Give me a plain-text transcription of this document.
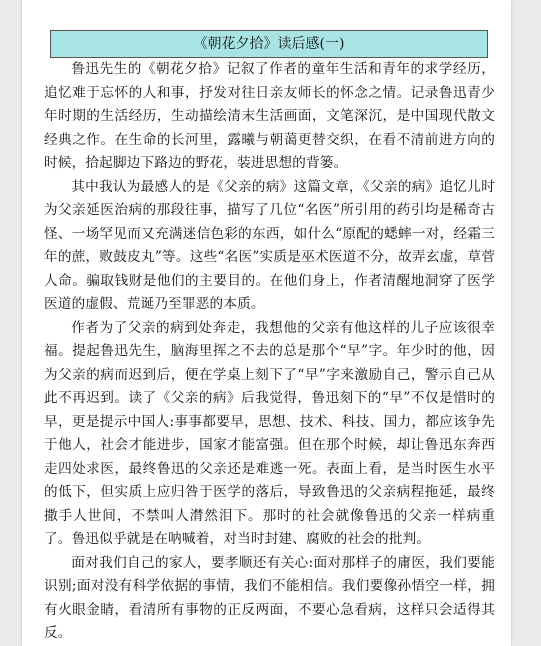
《朝花夕拾》读后感(一)

鲁迅先生的《朝花夕拾》记叙了作者的童年生活和青年的求学经历，追忆难于忘怀的人和事，抒发对往日亲友师长的怀念之情。记录鲁迅青少年时期的生活经历，生动描绘清末生活画面，文笔深沉，是中国现代散文经典之作。在生命的长河里，露曦与朝蔼更替交织，在看不清前进方向的时候，拾起脚边下路边的野花，装进思想的背篓。

其中我认为最感人的是《父亲的病》这篇文章，《父亲的病》追忆儿时为父亲延医治病的那段往事，描写了几位“名医”所引用的药引均是稀奇古怪、一场罕见而又充满迷信色彩的东西，如什么“原配的蟋蟀一对，经霜三年的蔗，败鼓皮丸”等。这些“名医”实质是巫术医道不分，故弄玄虚，草菅人命。骗取钱财是他们的主要目的。在他们身上，作者清醒地洞穿了医学医道的虚假、荒诞乃至罪恶的本质。

作者为了父亲的病到处奔走，我想他的父亲有他这样的儿子应该很幸福。提起鲁迅先生，脑海里挥之不去的总是那个“早”字。年少时的他，因为父亲的病而迟到后，便在学桌上刻下了“早”字来激励自己，警示自己从此不再迟到。读了《父亲的病》后我觉得，鲁迅刻下的“早”不仅是惜时的早，更是提示中国人:事事都要早，思想、技术、科技、国力，都应该争先于他人，社会才能进步，国家才能富强。但在那个时候，却让鲁迅东奔西走四处求医，最终鲁迅的父亲还是难逃一死。表面上看，是当时医生水平的低下，但实质上应归咎于医学的落后，导致鲁迅的父亲病程拖延，最终撒手人世间，不禁叫人潸然泪下。那时的社会就像鲁迅的父亲一样病重了。鲁迅似乎就是在呐喊着，对当时封建、腐败的社会的批判。

面对我们自己的家人，要孝顺还有关心:面对那样子的庸医，我们要能识别;面对没有科学依据的事情，我们不能相信。我们要像孙悟空一样，拥有火眼金睛，看清所有事物的正反两面，不要心急看病，这样只会适得其反。
